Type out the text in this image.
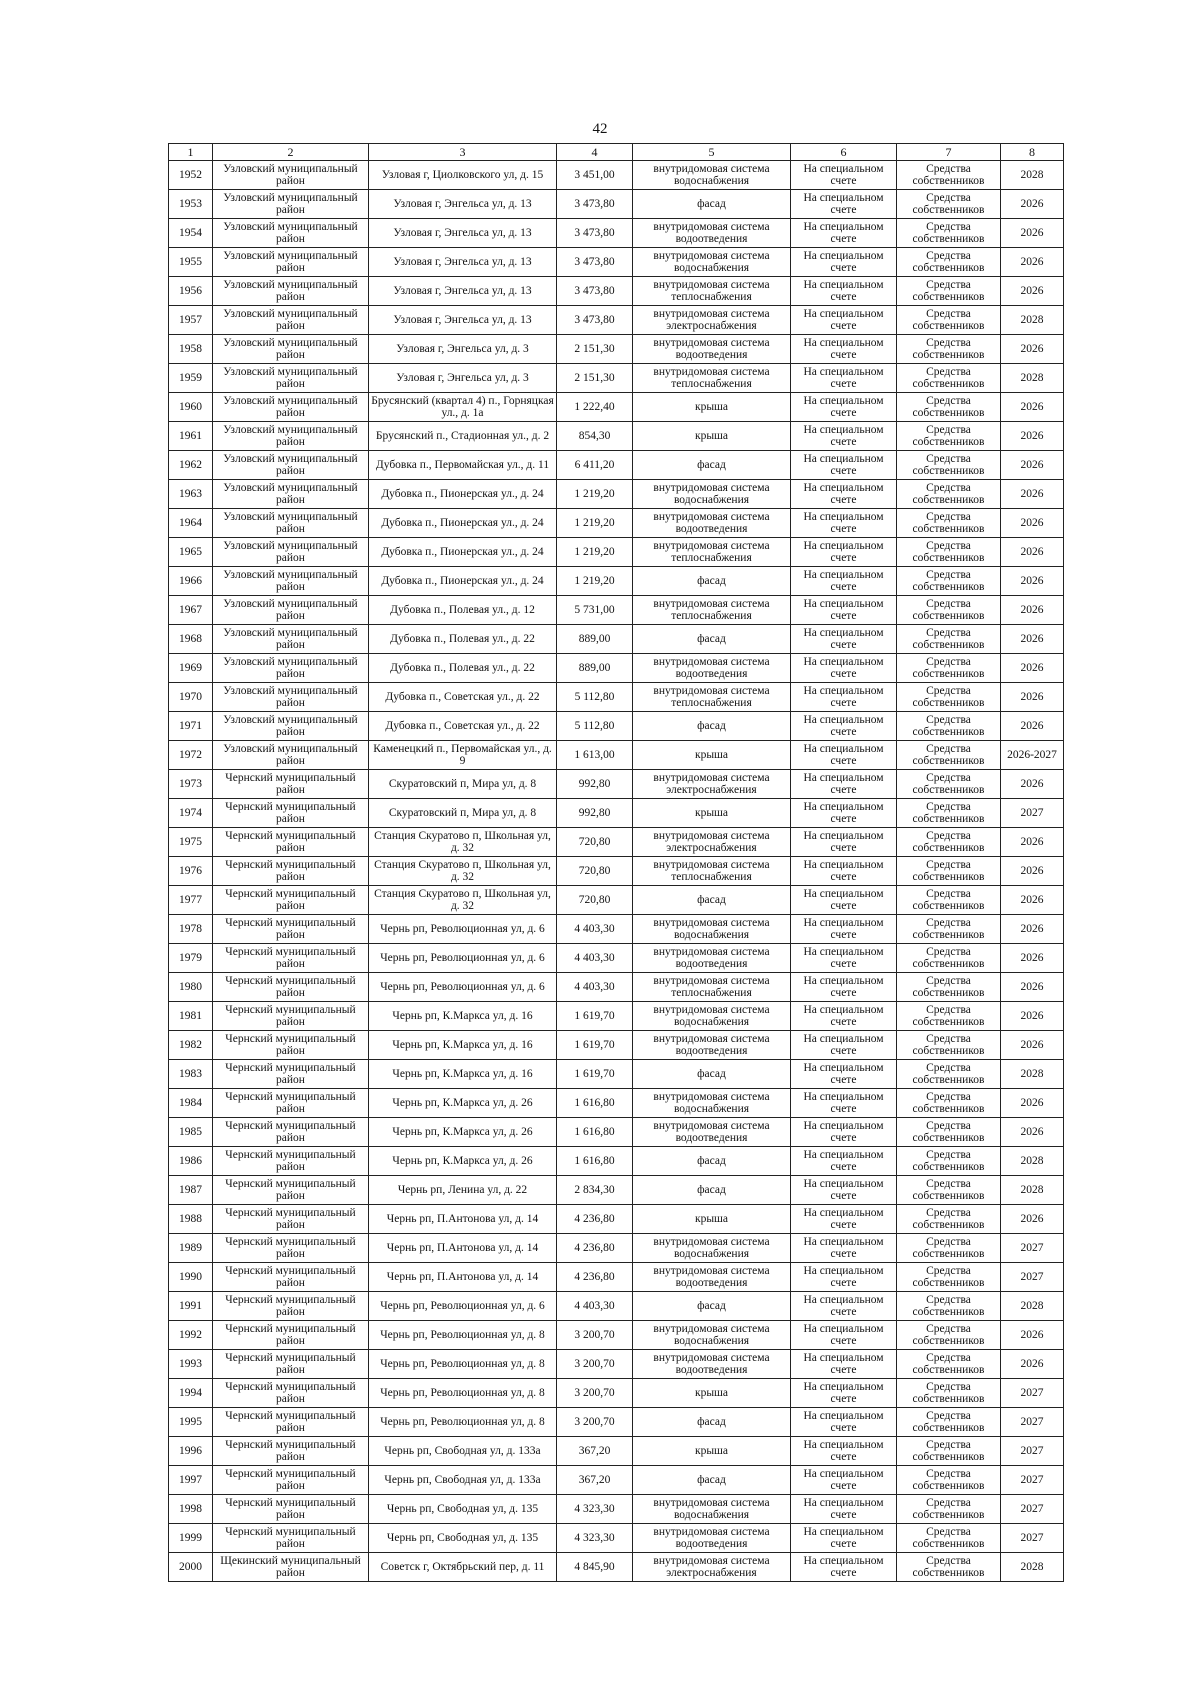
42
1	2	3	4	5	6	7	8
1952	Узловский муниципальный район	Узловая г, Циолковского ул, д. 15	3 451,00	внутридомовая система водоснабжения	На специальном счете	Средства собственников	2028
1953	Узловский муниципальный район	Узловая г, Энгельса ул, д. 13	3 473,80	фасад	На специальном счете	Средства собственников	2026
1954	Узловский муниципальный район	Узловая г, Энгельса ул, д. 13	3 473,80	внутридомовая система водоотведения	На специальном счете	Средства собственников	2026
1955	Узловский муниципальный район	Узловая г, Энгельса ул, д. 13	3 473,80	внутридомовая система водоснабжения	На специальном счете	Средства собственников	2026
1956	Узловский муниципальный район	Узловая г, Энгельса ул, д. 13	3 473,80	внутридомовая система теплоснабжения	На специальном счете	Средства собственников	2026
1957	Узловский муниципальный район	Узловая г, Энгельса ул, д. 13	3 473,80	внутридомовая система электроснабжения	На специальном счете	Средства собственников	2028
1958	Узловский муниципальный район	Узловая г, Энгельса ул, д. 3	2 151,30	внутридомовая система водоотведения	На специальном счете	Средства собственников	2026
1959	Узловский муниципальный район	Узловая г, Энгельса ул, д. 3	2 151,30	внутридомовая система теплоснабжения	На специальном счете	Средства собственников	2028
1960	Узловский муниципальный район	Брусянский (квартал 4) п., Горняцкая ул., д. 1а	1 222,40	крыша	На специальном счете	Средства собственников	2026
1961	Узловский муниципальный район	Брусянский п., Стадионная ул., д. 2	854,30	крыша	На специальном счете	Средства собственников	2026
1962	Узловский муниципальный район	Дубовка п., Первомайская ул., д. 11	6 411,20	фасад	На специальном счете	Средства собственников	2026
1963	Узловский муниципальный район	Дубовка п., Пионерская ул., д. 24	1 219,20	внутридомовая система водоснабжения	На специальном счете	Средства собственников	2026
1964	Узловский муниципальный район	Дубовка п., Пионерская ул., д. 24	1 219,20	внутридомовая система водоотведения	На специальном счете	Средства собственников	2026
1965	Узловский муниципальный район	Дубовка п., Пионерская ул., д. 24	1 219,20	внутридомовая система теплоснабжения	На специальном счете	Средства собственников	2026
1966	Узловский муниципальный район	Дубовка п., Пионерская ул., д. 24	1 219,20	фасад	На специальном счете	Средства собственников	2026
1967	Узловский муниципальный район	Дубовка п., Полевая ул., д. 12	5 731,00	внутридомовая система теплоснабжения	На специальном счете	Средства собственников	2026
1968	Узловский муниципальный район	Дубовка п., Полевая ул., д. 22	889,00	фасад	На специальном счете	Средства собственников	2026
1969	Узловский муниципальный район	Дубовка п., Полевая ул., д. 22	889,00	внутридомовая система водоотведения	На специальном счете	Средства собственников	2026
1970	Узловский муниципальный район	Дубовка п., Советская ул., д. 22	5 112,80	внутридомовая система теплоснабжения	На специальном счете	Средства собственников	2026
1971	Узловский муниципальный район	Дубовка п., Советская ул., д. 22	5 112,80	фасад	На специальном счете	Средства собственников	2026
1972	Узловский муниципальный район	Каменецкий п., Первомайская ул., д. 9	1 613,00	крыша	На специальном счете	Средства собственников	2026-2027
1973	Чернский муниципальный район	Скуратовский п, Мира ул, д. 8	992,80	внутридомовая система электроснабжения	На специальном счете	Средства собственников	2026
1974	Чернский муниципальный район	Скуратовский п, Мира ул, д. 8	992,80	крыша	На специальном счете	Средства собственников	2027
1975	Чернский муниципальный район	Станция Скуратово п, Школьная ул, д. 32	720,80	внутридомовая система электроснабжения	На специальном счете	Средства собственников	2026
1976	Чернский муниципальный район	Станция Скуратово п, Школьная ул, д. 32	720,80	внутридомовая система теплоснабжения	На специальном счете	Средства собственников	2026
1977	Чернский муниципальный район	Станция Скуратово п, Школьная ул, д. 32	720,80	фасад	На специальном счете	Средства собственников	2026
1978	Чернский муниципальный район	Чернь рп, Революционная ул, д. 6	4 403,30	внутридомовая система водоснабжения	На специальном счете	Средства собственников	2026
1979	Чернский муниципальный район	Чернь рп, Революционная ул, д. 6	4 403,30	внутридомовая система водоотведения	На специальном счете	Средства собственников	2026
1980	Чернский муниципальный район	Чернь рп, Революционная ул, д. 6	4 403,30	внутридомовая система теплоснабжения	На специальном счете	Средства собственников	2026
1981	Чернский муниципальный район	Чернь рп, К.Маркса ул, д. 16	1 619,70	внутридомовая система водоснабжения	На специальном счете	Средства собственников	2026
1982	Чернский муниципальный район	Чернь рп, К.Маркса ул, д. 16	1 619,70	внутридомовая система водоотведения	На специальном счете	Средства собственников	2026
1983	Чернский муниципальный район	Чернь рп, К.Маркса ул, д. 16	1 619,70	фасад	На специальном счете	Средства собственников	2028
1984	Чернский муниципальный район	Чернь рп, К.Маркса ул, д. 26	1 616,80	внутридомовая система водоснабжения	На специальном счете	Средства собственников	2026
1985	Чернский муниципальный район	Чернь рп, К.Маркса ул, д. 26	1 616,80	внутридомовая система водоотведения	На специальном счете	Средства собственников	2026
1986	Чернский муниципальный район	Чернь рп, К.Маркса ул, д. 26	1 616,80	фасад	На специальном счете	Средства собственников	2028
1987	Чернский муниципальный район	Чернь рп, Ленина ул, д. 22	2 834,30	фасад	На специальном счете	Средства собственников	2028
1988	Чернский муниципальный район	Чернь рп, П.Антонова ул, д. 14	4 236,80	крыша	На специальном счете	Средства собственников	2026
1989	Чернский муниципальный район	Чернь рп, П.Антонова ул, д. 14	4 236,80	внутридомовая система водоснабжения	На специальном счете	Средства собственников	2027
1990	Чернский муниципальный район	Чернь рп, П.Антонова ул, д. 14	4 236,80	внутридомовая система водоотведения	На специальном счете	Средства собственников	2027
1991	Чернский муниципальный район	Чернь рп, Революционная ул, д. 6	4 403,30	фасад	На специальном счете	Средства собственников	2028
1992	Чернский муниципальный район	Чернь рп, Революционная ул, д. 8	3 200,70	внутридомовая система водоснабжения	На специальном счете	Средства собственников	2026
1993	Чернский муниципальный район	Чернь рп, Революционная ул, д. 8	3 200,70	внутридомовая система водоотведения	На специальном счете	Средства собственников	2026
1994	Чернский муниципальный район	Чернь рп, Революционная ул, д. 8	3 200,70	крыша	На специальном счете	Средства собственников	2027
1995	Чернский муниципальный район	Чернь рп, Революционная ул, д. 8	3 200,70	фасад	На специальном счете	Средства собственников	2027
1996	Чернский муниципальный район	Чернь рп, Свободная ул, д. 133а	367,20	крыша	На специальном счете	Средства собственников	2027
1997	Чернский муниципальный район	Чернь рп, Свободная ул, д. 133а	367,20	фасад	На специальном счете	Средства собственников	2027
1998	Чернский муниципальный район	Чернь рп, Свободная ул, д. 135	4 323,30	внутридомовая система водоснабжения	На специальном счете	Средства собственников	2027
1999	Чернский муниципальный район	Чернь рп, Свободная ул, д. 135	4 323,30	внутридомовая система водоотведения	На специальном счете	Средства собственников	2027
2000	Щекинский муниципальный район	Советск г, Октябрьский пер, д. 11	4 845,90	внутридомовая система электроснабжения	На специальном счете	Средства собственников	2028
